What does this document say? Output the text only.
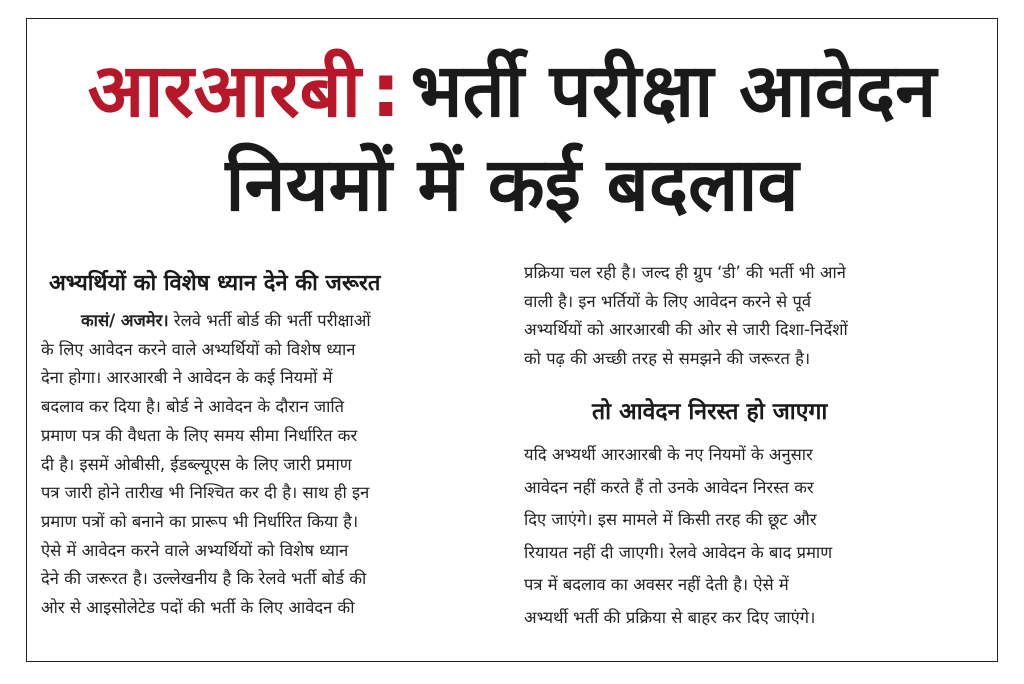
आरआरबी : भर्ती परीक्षा आवेदन
नियमों में कई बदलाव
अभ्यर्थियों को विशेष ध्यान देने की जरूरत
कासं/ अजमेर। रेलवे भर्ती बोर्ड की भर्ती परीक्षाओं
के लिए आवेदन करने वाले अभ्यर्थियों को विशेष ध्यान
देना होगा। आरआरबी ने आवेदन के कई नियमों में
बदलाव कर दिया है। बोर्ड ने आवेदन के दौरान जाति
प्रमाण पत्र की वैधता के लिए समय सीमा निर्धारित कर
दी है। इसमें ओबीसी, ईडब्ल्यूएस के लिए जारी प्रमाण
पत्र जारी होने तारीख भी निश्चित कर दी है। साथ ही इन
प्रमाण पत्रों को बनाने का प्रारूप भी निर्धारित किया है।
ऐसे में आवेदन करने वाले अभ्यर्थियों को विशेष ध्यान
देने की जरूरत है। उल्लेखनीय है कि रेलवे भर्ती बोर्ड की
ओर से आइसोलेटेड पदों की भर्ती के लिए आवेदन की
प्रक्रिया चल रही है। जल्द ही ग्रुप ‘डी’ की भर्ती भी आने
वाली है। इन भर्तियों के लिए आवेदन करने से पूर्व
अभ्यर्थियों को आरआरबी की ओर से जारी दिशा-निर्देशों
को पढ़ की अच्छी तरह से समझने की जरूरत है।
तो आवेदन निरस्त हो जाएगा
यदि अभ्यर्थी आरआरबी के नए नियमों के अनुसार
आवेदन नहीं करते हैं तो उनके आवेदन निरस्त कर
दिए जाएंगे। इस मामले में किसी तरह की छूट और
रियायत नहीं दी जाएगी। रेलवे आवेदन के बाद प्रमाण
पत्र में बदलाव का अवसर नहीं देती है। ऐसे में
अभ्यर्थी भर्ती की प्रक्रिया से बाहर कर दिए जाएंगे।
